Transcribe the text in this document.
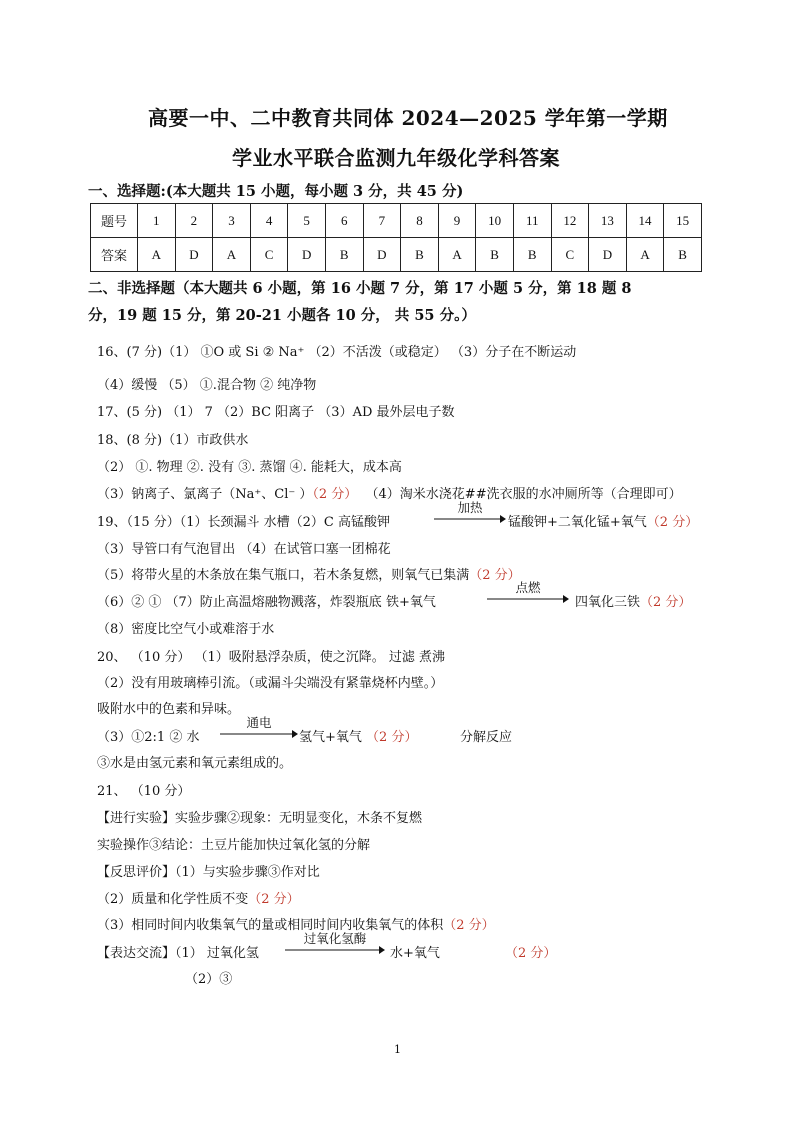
高要一中、二中教育共同体 2024—2025 学年第一学期
学业水平联合监测九年级化学科答案
一、选择题:(本大题共 15 小题，每小题 3 分，共 45 分)
题号	1	2	3	4	5	6	7	8	9	10	11	12	13	14	15
答案	A	D	A	C	D	B	D	B	A	B	B	C	D	A	B
二、非选择题（本大题共 6 小题，第 16 小题 7 分，第 17 小题 5 分，第 18 题 8
分，19 题 15 分，第 20-21 小题各 10 分， 共 55 分。）
16、(7 分)（1） ①O 或 Si ② Na⁺ （2）不活泼（或稳定） （3）分子在不断运动
（4）缓慢 （5） ①.混合物 ② 纯净物
17、(5 分) （1） 7 （2）BC 阳离子 （3）AD 最外层电子数
18、(8 分)（1）市政供水
（2） ①. 物理 ②. 没有 ③. 蒸馏 ④. 能耗大，成本高
（3）钠离子、氯离子（Na⁺、Cl⁻ ）（2 分） （4）淘米水浇花##洗衣服的水冲厕所等（合理即可）
19、（15 分）（1）长颈漏斗 水槽（2）C 高锰酸钾
加热
锰酸钾+二氧化锰+氧气（2 分）
（3）导管口有气泡冒出 （4）在试管口塞一团棉花
（5）将带火星的木条放在集气瓶口，若木条复燃，则氧气已集满（2 分）
（6）② ① （7）防止高温熔融物溅落，炸裂瓶底 铁+氧气
点燃
四氧化三铁（2 分）
（8）密度比空气小或难溶于水
20、 （10 分） （1）吸附悬浮杂质，使之沉降。 过滤 煮沸
（2）没有用玻璃棒引流。（或漏斗尖端没有紧靠烧杯内壁。）
吸附水中的色素和异味。
（3）①2:1 ② 水
通电
氢气+氧气 （2 分）	分解反应
③水是由氢元素和氧元素组成的。
21、 （10 分）
【进行实验】实验步骤②现象：无明显变化，木条不复燃
实验操作③结论：土豆片能加快过氧化氢的分解
【反思评价】（1）与实验步骤③作对比
（2）质量和化学性质不变（2 分）
（3）相同时间内收集氧气的量或相同时间内收集氧气的体积（2 分）
【表达交流】（1） 过氧化氢
过氧化氢酶
水+氧气	（2 分）
（2）③
1
